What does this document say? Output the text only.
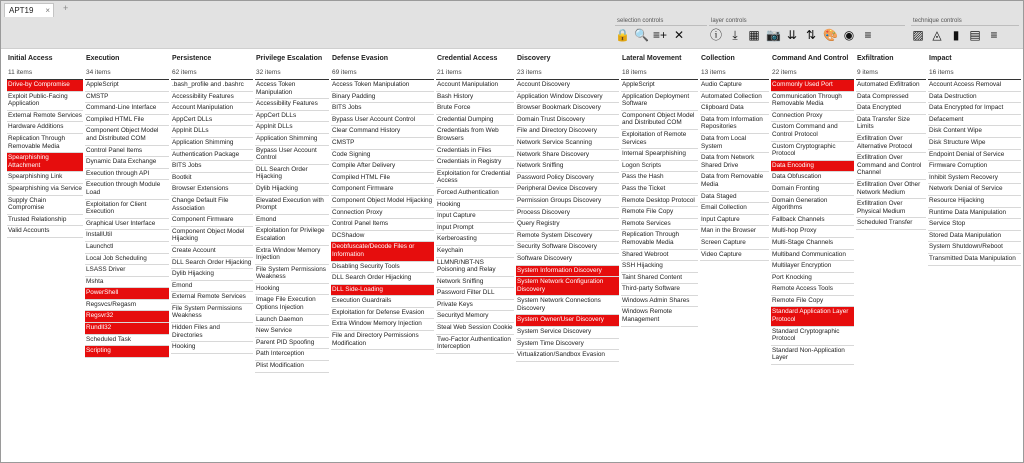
APT19 × +
selection controls
🔒 🔍 ≡+ ✕
layer controls
ⓘ ⤓ ▦ 📷 ⇊ ⇅ 🎨 ◉ ≡
technique controls
▨ ◬ ▮ ▤ ≡
Initial Access
11 items
Drive-by Compromise
Exploit Public-Facing Application
External Remote Services
Hardware Additions
Replication Through Removable Media
Spearphishing Attachment
Spearphishing Link
Spearphishing via Service
Supply Chain Compromise
Trusted Relationship
Valid Accounts
Execution
34 items
AppleScript
CMSTP
Command-Line Interface
Compiled HTML File
Component Object Model and Distributed COM
Control Panel Items
Dynamic Data Exchange
Execution through API
Execution through Module Load
Exploitation for Client Execution
Graphical User Interface
InstallUtil
Launchctl
Local Job Scheduling
LSASS Driver
Mshta
PowerShell
Regsvcs/Regasm
Regsvr32
Rundll32
Scheduled Task
Scripting
Persistence
62 items
.bash_profile and .bashrc
Accessibility Features
Account Manipulation
AppCert DLLs
AppInit DLLs
Application Shimming
Authentication Package
BITS Jobs
Bootkit
Browser Extensions
Change Default File Association
Component Firmware
Component Object Model Hijacking
Create Account
DLL Search Order Hijacking
Dylib Hijacking
Emond
External Remote Services
File System Permissions Weakness
Hidden Files and Directories
Hooking
Privilege Escalation
32 items
Access Token Manipulation
Accessibility Features
AppCert DLLs
AppInit DLLs
Application Shimming
Bypass User Account Control
DLL Search Order Hijacking
Dylib Hijacking
Elevated Execution with Prompt
Emond
Exploitation for Privilege Escalation
Extra Window Memory Injection
File System Permissions Weakness
Hooking
Image File Execution Options Injection
Launch Daemon
New Service
Parent PID Spoofing
Path Interception
Plist Modification
Defense Evasion
69 items
Access Token Manipulation
Binary Padding
BITS Jobs
Bypass User Account Control
Clear Command History
CMSTP
Code Signing
Compile After Delivery
Compiled HTML File
Component Firmware
Component Object Model Hijacking
Connection Proxy
Control Panel Items
DCShadow
Deobfuscate/Decode Files or Information
Disabling Security Tools
DLL Search Order Hijacking
DLL Side-Loading
Execution Guardrails
Exploitation for Defense Evasion
Extra Window Memory Injection
File and Directory Permissions Modification
Credential Access
21 items
Account Manipulation
Bash History
Brute Force
Credential Dumping
Credentials from Web Browsers
Credentials in Files
Credentials in Registry
Exploitation for Credential Access
Forced Authentication
Hooking
Input Capture
Input Prompt
Kerberoasting
Keychain
LLMNR/NBT-NS Poisoning and Relay
Network Sniffing
Password Filter DLL
Private Keys
Securityd Memory
Steal Web Session Cookie
Two-Factor Authentication Interception
Discovery
23 items
Account Discovery
Application Window Discovery
Browser Bookmark Discovery
Domain Trust Discovery
File and Directory Discovery
Network Service Scanning
Network Share Discovery
Network Sniffing
Password Policy Discovery
Peripheral Device Discovery
Permission Groups Discovery
Process Discovery
Query Registry
Remote System Discovery
Security Software Discovery
Software Discovery
System Information Discovery
System Network Configuration Discovery
System Network Connections Discovery
System Owner/User Discovery
System Service Discovery
System Time Discovery
Virtualization/Sandbox Evasion
Lateral Movement
18 items
AppleScript
Application Deployment Software
Component Object Model and Distributed COM
Exploitation of Remote Services
Internal Spearphishing
Logon Scripts
Pass the Hash
Pass the Ticket
Remote Desktop Protocol
Remote File Copy
Remote Services
Replication Through Removable Media
Shared Webroot
SSH Hijacking
Taint Shared Content
Third-party Software
Windows Admin Shares
Windows Remote Management
Collection
13 items
Audio Capture
Automated Collection
Clipboard Data
Data from Information Repositories
Data from Local System
Data from Network Shared Drive
Data from Removable Media
Data Staged
Email Collection
Input Capture
Man in the Browser
Screen Capture
Video Capture
Command And Control
22 items
Commonly Used Port
Communication Through Removable Media
Connection Proxy
Custom Command and Control Protocol
Custom Cryptographic Protocol
Data Encoding
Data Obfuscation
Domain Fronting
Domain Generation Algorithms
Fallback Channels
Multi-hop Proxy
Multi-Stage Channels
Multiband Communication
Multilayer Encryption
Port Knocking
Remote Access Tools
Remote File Copy
Standard Application Layer Protocol
Standard Cryptographic Protocol
Standard Non-Application Layer
Exfiltration
9 items
Automated Exfiltration
Data Compressed
Data Encrypted
Data Transfer Size Limits
Exfiltration Over Alternative Protocol
Exfiltration Over Command and Control Channel
Exfiltration Over Other Network Medium
Exfiltration Over Physical Medium
Scheduled Transfer
Impact
16 items
Account Access Removal
Data Destruction
Data Encrypted for Impact
Defacement
Disk Content Wipe
Disk Structure Wipe
Endpoint Denial of Service
Firmware Corruption
Inhibit System Recovery
Network Denial of Service
Resource Hijacking
Runtime Data Manipulation
Service Stop
Stored Data Manipulation
System Shutdown/Reboot
Transmitted Data Manipulation
